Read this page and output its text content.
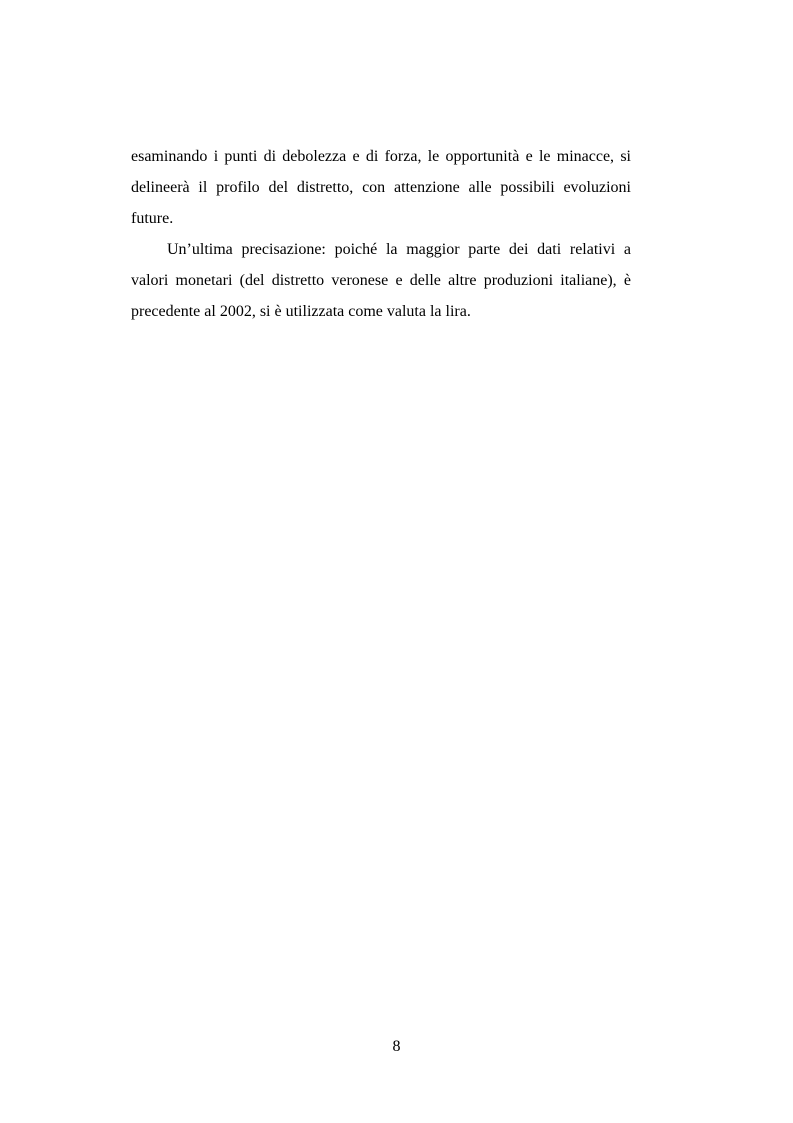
esaminando i punti di debolezza e di forza, le opportunità e le minacce, si
delineerà il profilo del distretto, con attenzione alle possibili evoluzioni
future.
Un’ultima precisazione: poiché la maggior parte dei dati relativi a
valori monetari (del distretto veronese e delle altre produzioni italiane), è
precedente al 2002, si è utilizzata come valuta la lira.
8
